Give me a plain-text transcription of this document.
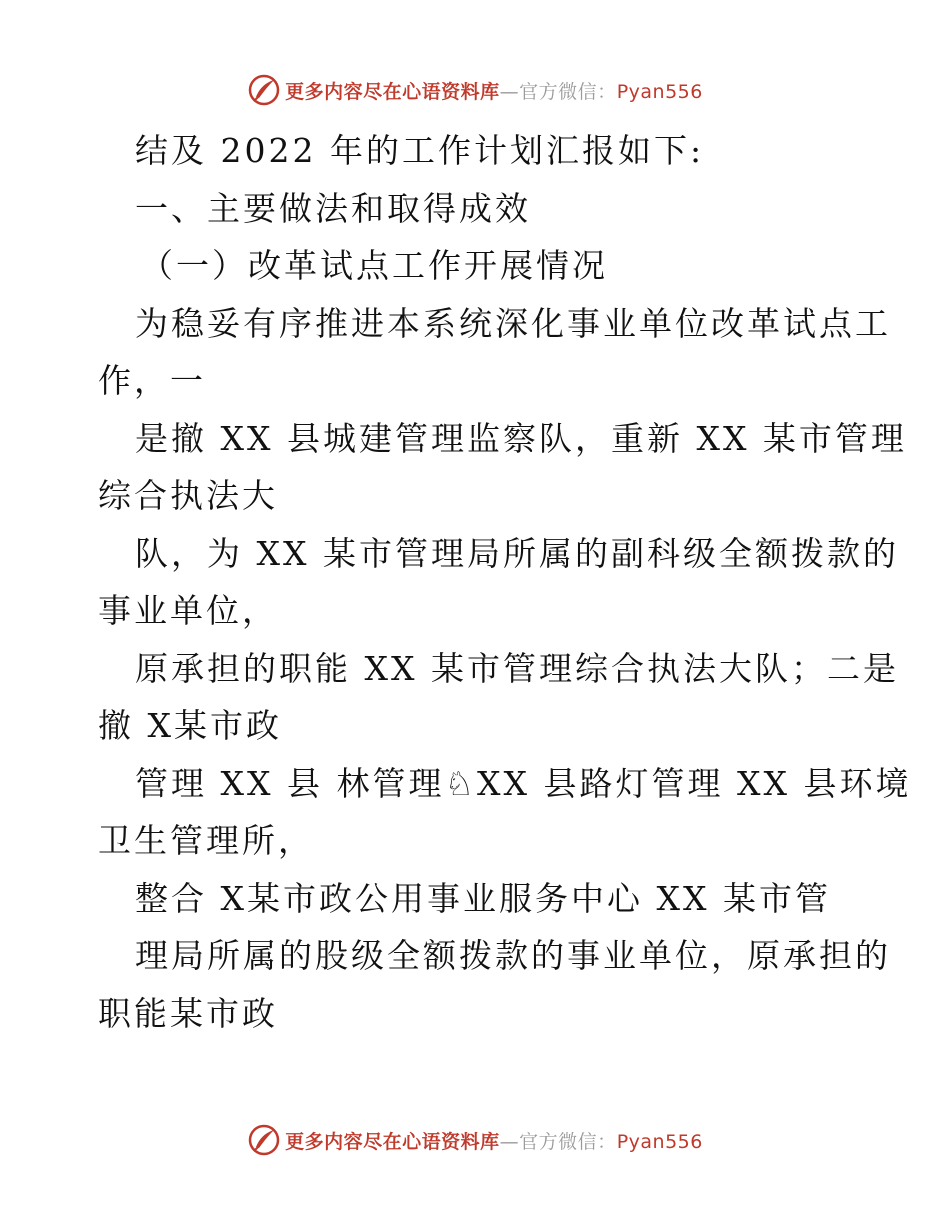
更多内容尽在心语资料库—官方微信：Pyan556
结及 2022 年的工作计划汇报如下:
一、主要做法和取得成效
（一）改革试点工作开展情况
为稳妥有序推进本系统深化事业单位改革试点工
作，一
是撤 XX 县城建管理监察队，重新 XX 某市管理
综合执法大
队，为 XX 某市管理局所属的副科级全额拨款的
事业单位，
原承担的职能 XX 某市管理综合执法大队；二是
撤 X某市政
管理 XX 县 林管理♘XX 县路灯管理 XX 县环境
卫生管理所，
整合 X某市政公用事业服务中心 XX 某市管
理局所属的股级全额拨款的事业单位，原承担的
职能某市政
更多内容尽在心语资料库—官方微信：Pyan556
